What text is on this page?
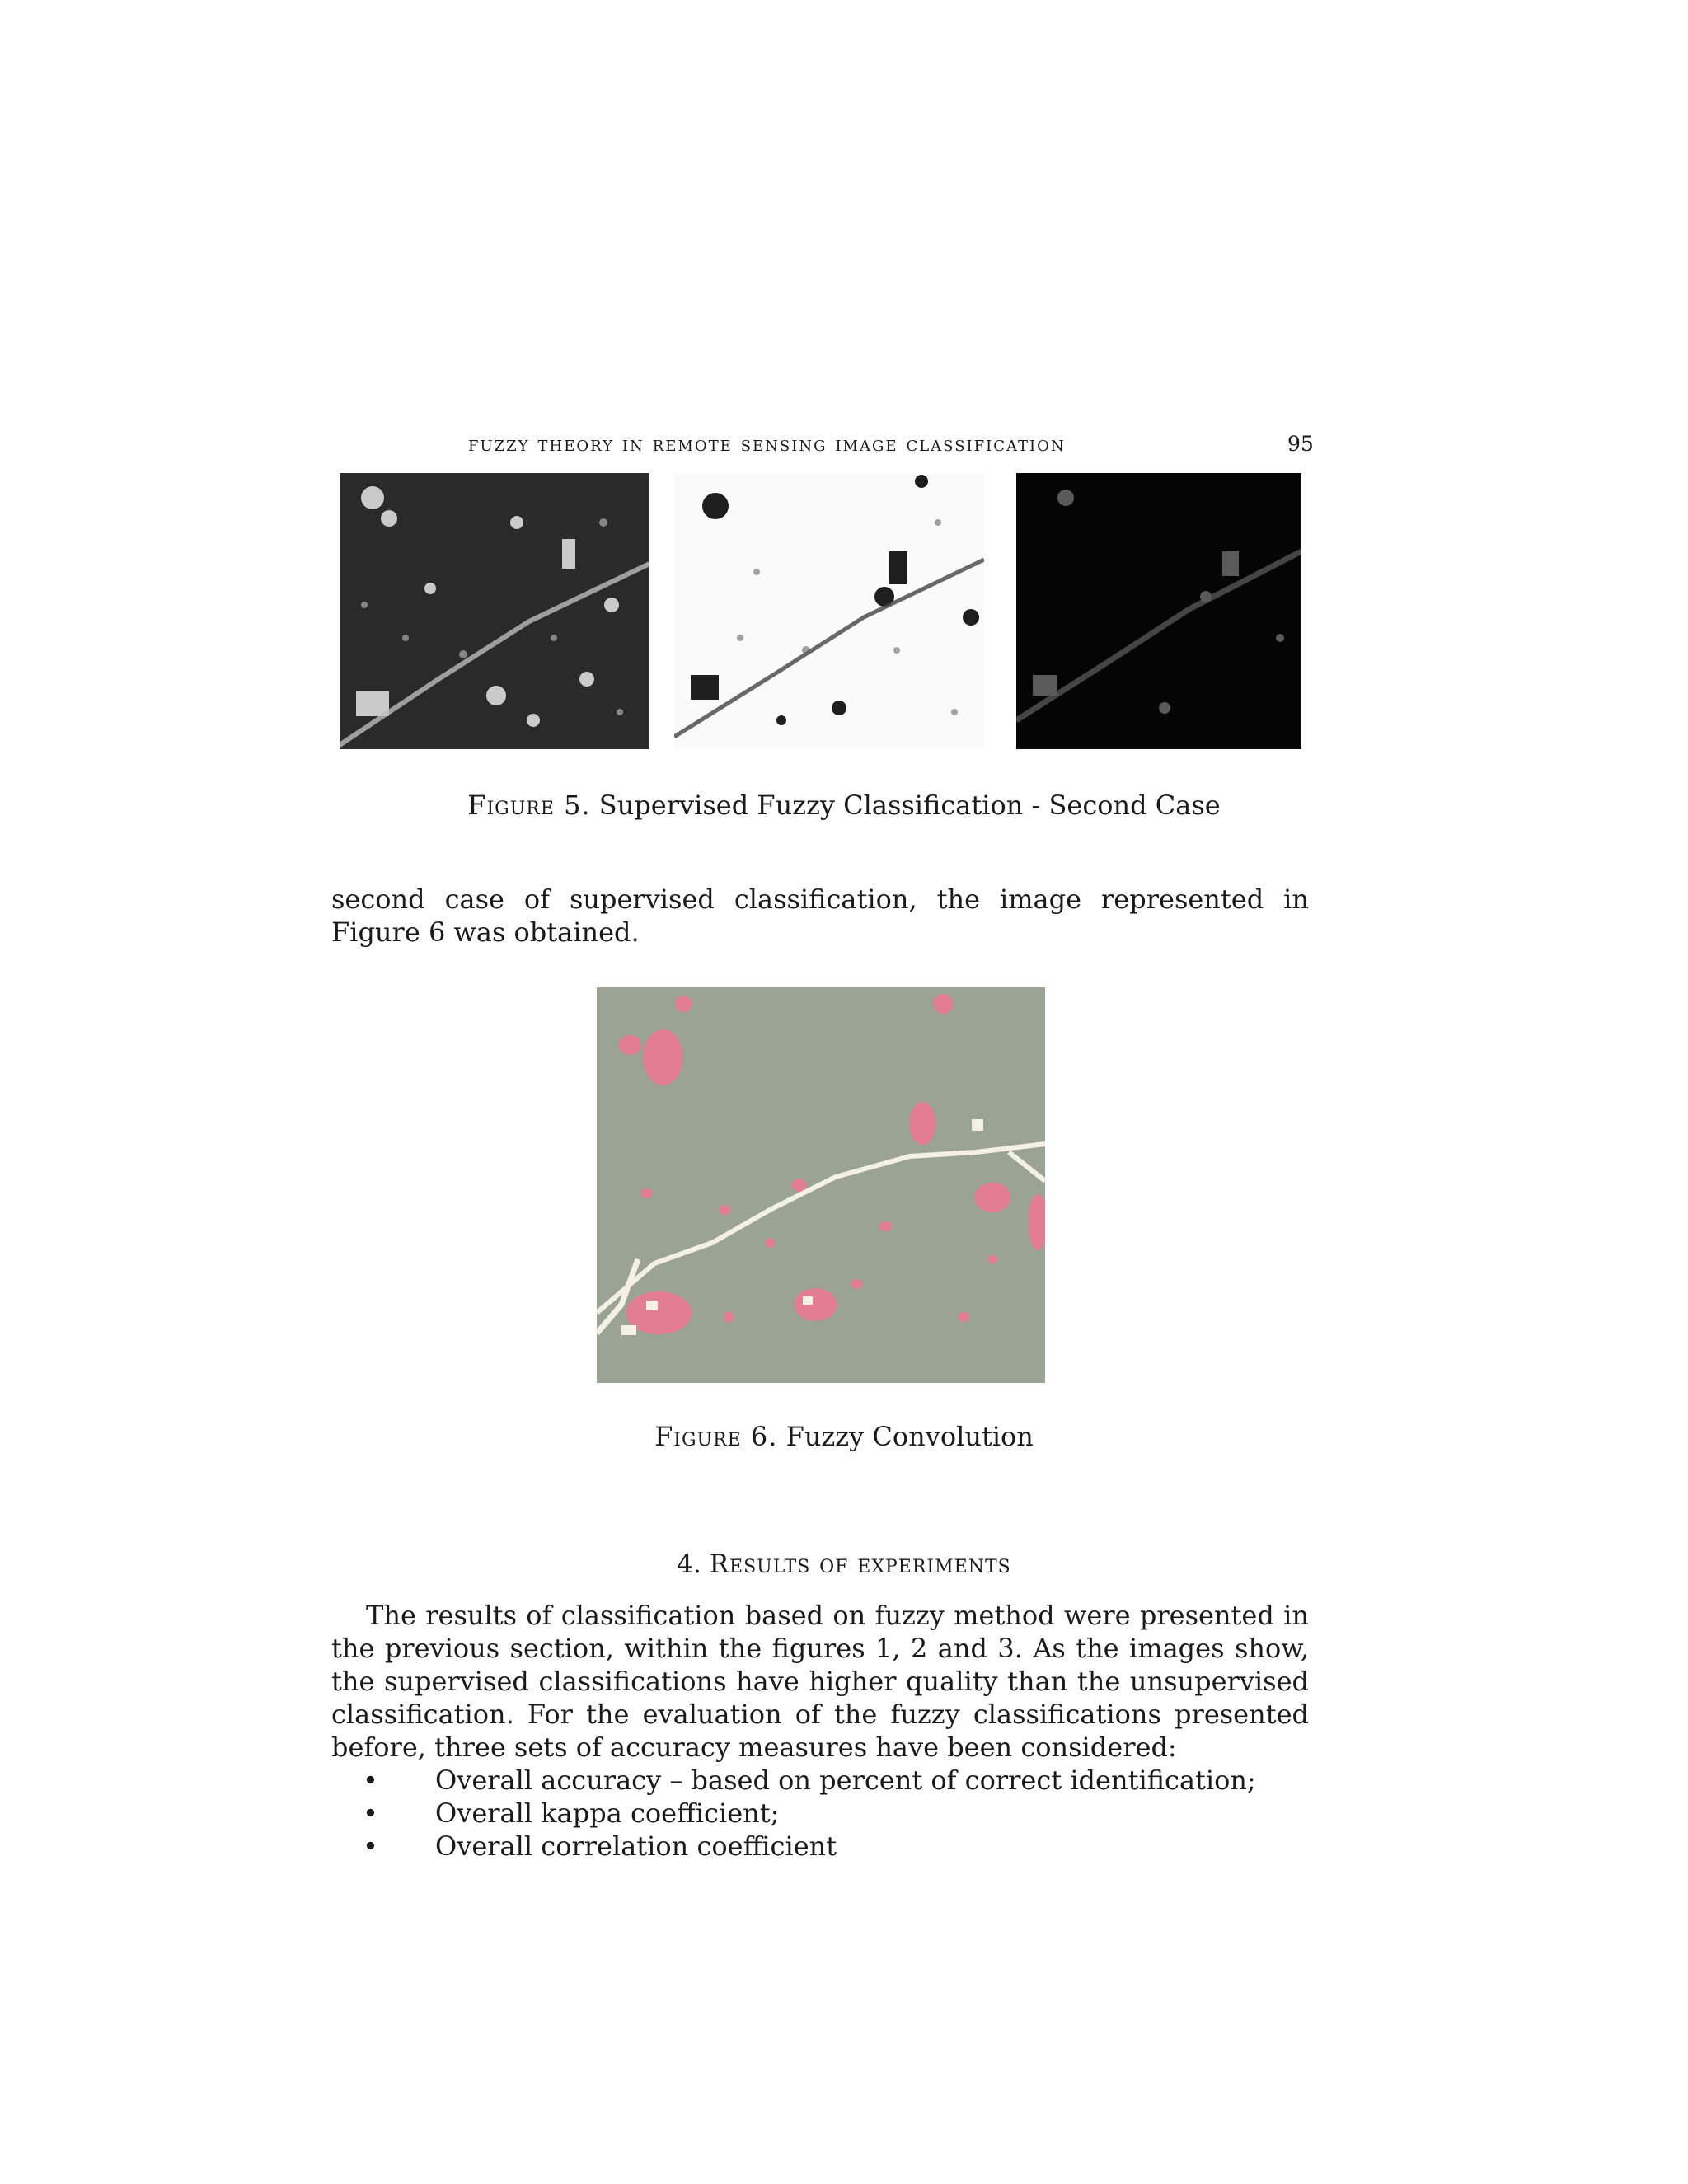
fuzzy theory in remote sensing image classification	95
Figure 5. Supervised Fuzzy Classification - Second Case
second case of supervised classification, the image represented in Figure 6 was obtained.
Figure 6. Fuzzy Convolution
4. Results of experiments
The results of classification based on fuzzy method were presented in the previous section, within the figures 1, 2 and 3. As the images show, the supervised classifications have higher quality than the unsupervised classification. For the evaluation of the fuzzy classifications presented before, three sets of accuracy measures have been considered:
• Overall accuracy – based on percent of correct identification;
• Overall kappa coefficient;
• Overall correlation coefficient
